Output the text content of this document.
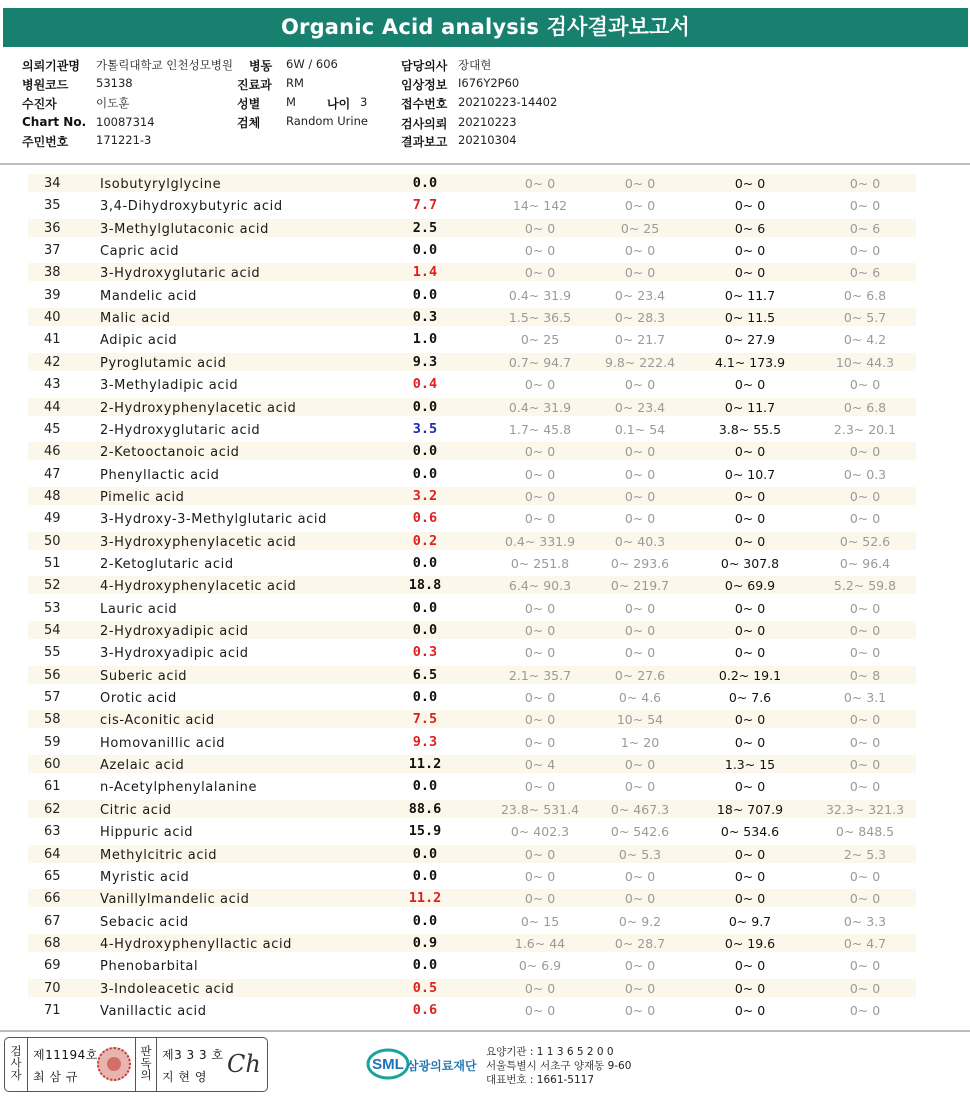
Organic Acid analysis 검사결과보고서
의뢰기관명 가톨릭대학교 인천성모병원 병동 6W / 606	담당의사 장대현
병원코드 53138	진료과 RM	임상정보 I676Y2P60
수진자	이도훈	성별 M	나이 3	접수번호 20210223-14402
Chart No. 10087314	검체 Random Urine	검사의뢰 20210223
주민번호 171221-3	결과보고 20210304
34	Isobutyrylglycine	0.0	0~ 0	0~ 0	0~ 0	0~ 0
35	3,4-Dihydroxybutyric acid	7.7	14~ 142	0~ 0	0~ 0	0~ 0
36	3-Methylglutaconic acid	2.5	0~ 0	0~ 25	0~ 6	0~ 6
37	Capric acid	0.0	0~ 0	0~ 0	0~ 0	0~ 0
38	3-Hydroxyglutaric acid	1.4	0~ 0	0~ 0	0~ 0	0~ 6
39	Mandelic acid	0.0	0.4~ 31.9	0~ 23.4	0~ 11.7	0~ 6.8
40	Malic acid	0.3	1.5~ 36.5	0~ 28.3	0~ 11.5	0~ 5.7
41	Adipic acid	1.0	0~ 25	0~ 21.7	0~ 27.9	0~ 4.2
42	Pyroglutamic acid	9.3	0.7~ 94.7	9.8~ 222.4	4.1~ 173.9	10~ 44.3
43	3-Methyladipic acid	0.4	0~ 0	0~ 0	0~ 0	0~ 0
44	2-Hydroxyphenylacetic acid	0.0	0.4~ 31.9	0~ 23.4	0~ 11.7	0~ 6.8
45	2-Hydroxyglutaric acid	3.5	1.7~ 45.8	0.1~ 54	3.8~ 55.5	2.3~ 20.1
46	2-Ketooctanoic acid	0.0	0~ 0	0~ 0	0~ 0	0~ 0
47	Phenyllactic acid	0.0	0~ 0	0~ 0	0~ 10.7	0~ 0.3
48	Pimelic acid	3.2	0~ 0	0~ 0	0~ 0	0~ 0
49	3-Hydroxy-3-Methylglutaric acid	0.6	0~ 0	0~ 0	0~ 0	0~ 0
50	3-Hydroxyphenylacetic acid	0.2	0.4~ 331.9	0~ 40.3	0~ 0	0~ 52.6
51	2-Ketoglutaric acid	0.0	0~ 251.8	0~ 293.6	0~ 307.8	0~ 96.4
52	4-Hydroxyphenylacetic acid	18.8	6.4~ 90.3	0~ 219.7	0~ 69.9	5.2~ 59.8
53	Lauric acid	0.0	0~ 0	0~ 0	0~ 0	0~ 0
54	2-Hydroxyadipic acid	0.0	0~ 0	0~ 0	0~ 0	0~ 0
55	3-Hydroxyadipic acid	0.3	0~ 0	0~ 0	0~ 0	0~ 0
56	Suberic acid	6.5	2.1~ 35.7	0~ 27.6	0.2~ 19.1	0~ 8
57	Orotic acid	0.0	0~ 0	0~ 4.6	0~ 7.6	0~ 3.1
58	cis-Aconitic acid	7.5	0~ 0	10~ 54	0~ 0	0~ 0
59	Homovanillic acid	9.3	0~ 0	1~ 20	0~ 0	0~ 0
60	Azelaic acid	11.2	0~ 4	0~ 0	1.3~ 15	0~ 0
61	n-Acetylphenylalanine	0.0	0~ 0	0~ 0	0~ 0	0~ 0
62	Citric acid	88.6	23.8~ 531.4	0~ 467.3	18~ 707.9	32.3~ 321.3
63	Hippuric acid	15.9	0~ 402.3	0~ 542.6	0~ 534.6	0~ 848.5
64	Methylcitric acid	0.0	0~ 0	0~ 5.3	0~ 0	2~ 5.3
65	Myristic acid	0.0	0~ 0	0~ 0	0~ 0	0~ 0
66	Vanillylmandelic acid	11.2	0~ 0	0~ 0	0~ 0	0~ 0
67	Sebacic acid	0.0	0~ 15	0~ 9.2	0~ 9.7	0~ 3.3
68	4-Hydroxyphenyllactic acid	0.9	1.6~ 44	0~ 28.7	0~ 19.6	0~ 4.7
69	Phenobarbital	0.0	0~ 6.9	0~ 0	0~ 0	0~ 0
70	3-Indoleacetic acid	0.5	0~ 0	0~ 0	0~ 0	0~ 0
71	Vanillactic acid	0.6	0~ 0	0~ 0	0~ 0	0~ 0
검사자
제11194호
최 삼 규
판독의
제3 3 3 호
지 현 영 Ch	SML 삼광의료재단
요양기관 : 1 1 3 6 5 2 0 0
서울특별시 서초구 양재동 9-60
대표번호 : 1661-5117
